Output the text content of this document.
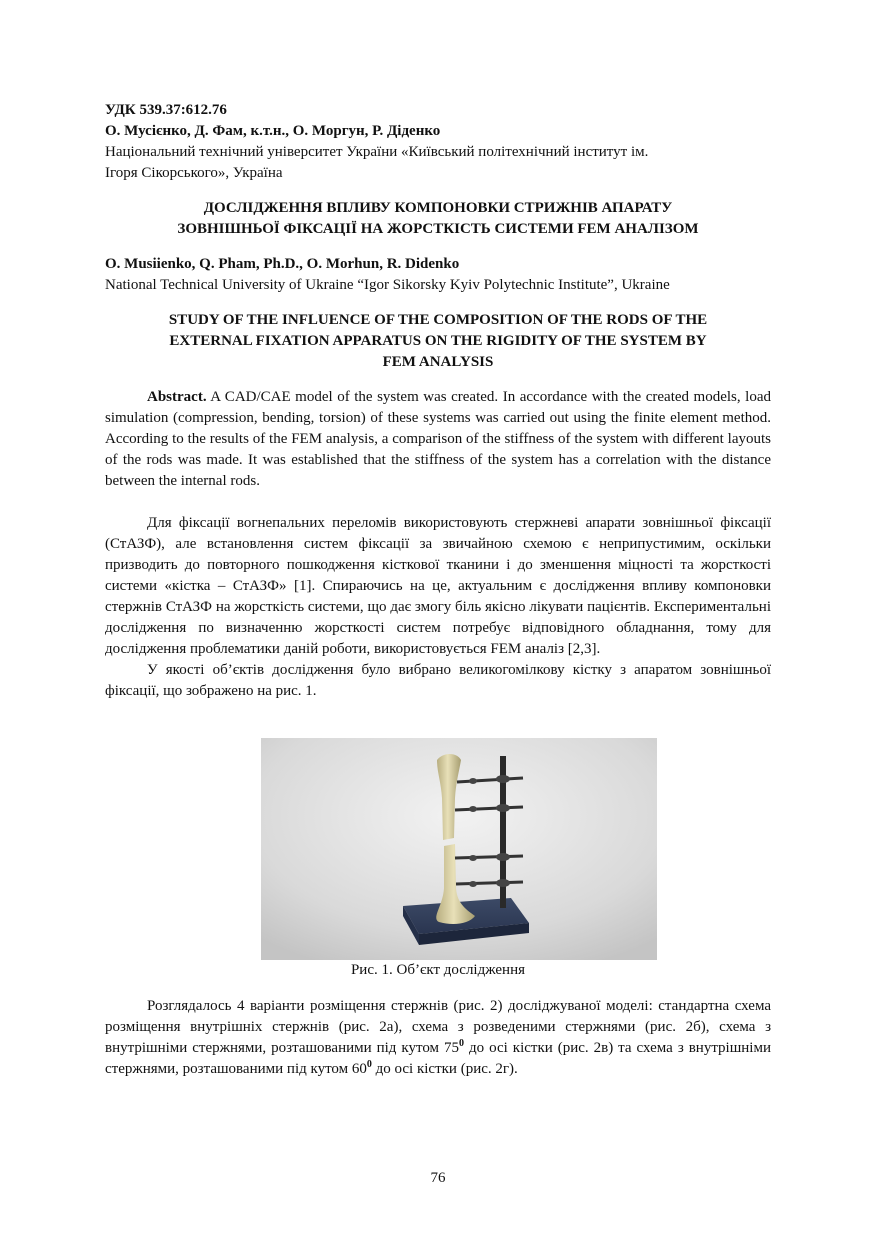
УДК 539.37:612.76
О. Мусієнко, Д. Фам, к.т.н., О. Моргун, Р. Діденко
Національний технічний університет України «Київський політехнічний інститут ім.
Ігоря Сікорського», Україна
ДОСЛІДЖЕННЯ ВПЛИВУ КОМПОНОВКИ СТРИЖНІВ АПАРАТУ
ЗОВНІШНЬОЇ ФІКСАЦІЇ НА ЖОРСТКІСТЬ СИСТЕМИ FEM АНАЛІЗОМ
O. Musiienko, Q. Pham, Ph.D., O. Morhun, R. Didenko
National Technical University of Ukraine “Igor Sikorsky Kyiv Polytechnic Institute”, Ukraine
STUDY OF THE INFLUENCE OF THE COMPOSITION OF THE RODS OF THE
EXTERNAL FIXATION APPARATUS ON THE RIGIDITY OF THE SYSTEM BY
FEM ANALYSIS
Abstract. A CAD/CAE model of the system was created. In accordance with the created models, load simulation (compression, bending, torsion) of these systems was carried out using the finite element method. According to the results of the FEM analysis, a comparison of the stiffness of the system with different layouts of the rods was made. It was established that the stiffness of the system has a correlation with the distance between the internal rods.
Для фіксації вогнепальних переломів використовують стержневі апарати зовнішньої фіксації (СтАЗФ), але встановлення систем фіксації за звичайною схемою є неприпустимим, оскільки призводить до повторного пошкодження кісткової тканини і до зменшення міцності та жорсткості системи «кістка – СтАЗФ» [1]. Спираючись на це, актуальним є дослідження впливу компоновки стержнів СтАЗФ на жорсткість системи, що дає змогу біль якісно лікувати пацієнтів. Експериментальні дослідження по визначенню жорсткості систем потребує відповідного обладнання, тому для дослідження проблематики даній роботи, використовується FEM аналіз [2,3].
У якості об’єктів дослідження було вибрано великогомілкову кістку з апаратом зовнішньої фіксації, що зображено на рис. 1.
Рис. 1. Об’єкт дослідження
Розглядалось 4 варіанти розміщення стержнів (рис. 2) досліджуваної моделі: стандартна схема розміщення внутрішніх стержнів (рис. 2а), схема з розведеними стержнями (рис. 2б), схема з внутрішніми стержнями, розташованими під кутом $75^0$ до осі кістки (рис. 2в) та схема з внутрішніми стержнями, розташованими під кутом $60^0$ до осі кістки (рис. 2г).
76
